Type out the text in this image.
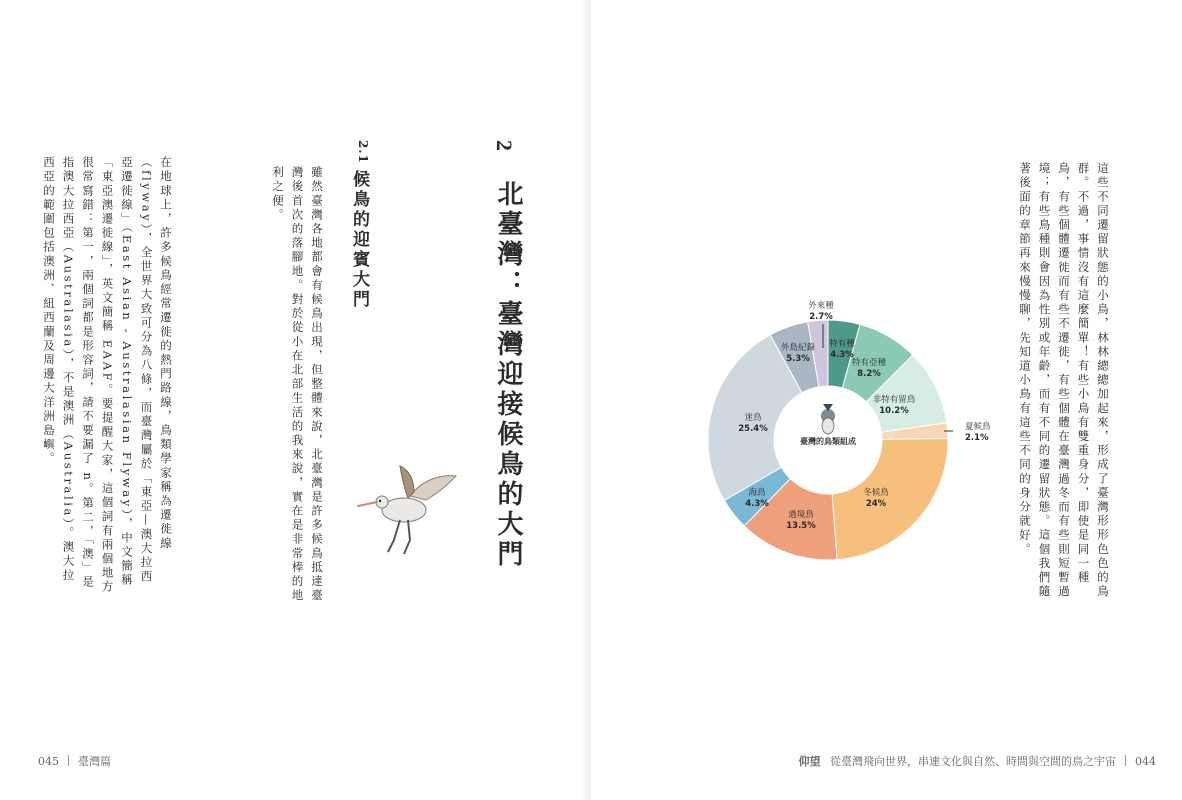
在地球上，許多候鳥經常遷徙的熱門路線，鳥類學家稱為遷徙線（flyway），全世界大致可分為八條，而臺灣屬於「東亞—澳大拉西亞遷徙線」（East Asian - Australasian Flyway），中文簡稱「東亞澳遷徙線」，英文簡稱 EAAF。要提醒大家，這個詞有兩個地方很常寫錯：第一，兩個詞都是形容詞，請不要漏了 n。第二，「澳」是指澳大拉西亞（Australasia），不是澳洲（Australia）。澳大拉西亞的範圍包括澳洲、紐西蘭及周邊大洋洲島嶼。	雖然臺灣各地都會有候鳥出現，但整體來說，北臺灣是許多候鳥抵達臺灣後首次的落腳地。對於從小在北部生活的我來說，實在是非常棒的地利之便。
2.1
候鳥的迎賓大門
2
北臺灣：臺灣迎接候鳥的大門
045 臺灣篇
這些不同遷留狀態的小鳥，林林總總加起來，形成了臺灣形形色色的鳥群。不過，事情沒有這麼簡單！有些小鳥有雙重身分，即使是同一種鳥，有些個體遷徙而有些不遷徙，有些個體在臺灣過冬而有些則短暫過境；有些鳥種則會因為性別或年齡，而有不同的遷留狀態。這個我們隨著後面的章節再來慢慢聊，先知道小鳥有這些不同的身分就好。
臺灣的鳥類組成
特有種
4.3%
特有亞種
8.2%
非特有留鳥
10.2%
夏候鳥
2.1%
冬候鳥
24%
過境鳥
13.5%
海鳥
4.3%
迷鳥
25.4%
外島紀錄
5.3%
外來種
2.7%
仰望 從臺灣飛向世界，串連文化與自然、時間與空間的鳥之宇宙 044
